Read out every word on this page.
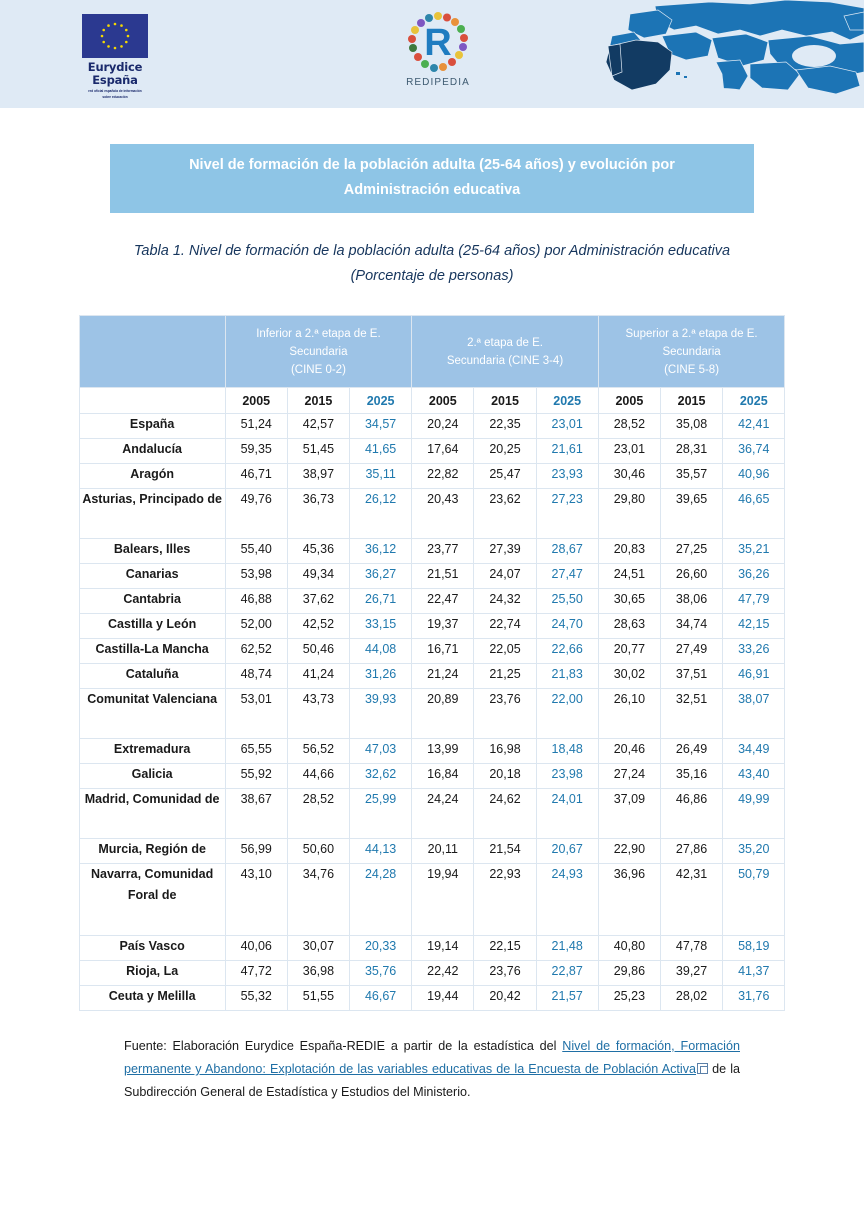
Eurydice
España
red oficial española de información
sobre educación
R
REDIPEDIA
Nivel de formación de la población adulta (25-64 años) y evolución por Administración educativa
Tabla 1. Nivel de formación de la población adulta (25-64 años) por Administración educativa (Porcentaje de personas)

Inferior a 2.ª etapa de E.
Secundaria
(CINE 0-2)

2.ª etapa de E.
Secundaria (CINE 3-4)

Superior a 2.ª etapa de E.
Secundaria
(CINE 5-8)

	2005	2015	2025	2005	2015	2025	2005	2015	2025
España	51,24	42,57	34,57	20,24	22,35	23,01	28,52	35,08	42,41
Andalucía	59,35	51,45	41,65	17,64	20,25	21,61	23,01	28,31	36,74
Aragón	46,71	38,97	35,11	22,82	25,47	23,93	30,46	35,57	40,96
Asturias, Principado de	49,76	36,73	26,12	20,43	23,62	27,23	29,80	39,65	46,65
Balears, Illes	55,40	45,36	36,12	23,77	27,39	28,67	20,83	27,25	35,21
Canarias	53,98	49,34	36,27	21,51	24,07	27,47	24,51	26,60	36,26
Cantabria	46,88	37,62	26,71	22,47	24,32	25,50	30,65	38,06	47,79
Castilla y León	52,00	42,52	33,15	19,37	22,74	24,70	28,63	34,74	42,15
Castilla-La Mancha	62,52	50,46	44,08	16,71	22,05	22,66	20,77	27,49	33,26
Cataluña	48,74	41,24	31,26	21,24	21,25	21,83	30,02	37,51	46,91
Comunitat Valenciana	53,01	43,73	39,93	20,89	23,76	22,00	26,10	32,51	38,07
Extremadura	65,55	56,52	47,03	13,99	16,98	18,48	20,46	26,49	34,49
Galicia	55,92	44,66	32,62	16,84	20,18	23,98	27,24	35,16	43,40
Madrid, Comunidad de	38,67	28,52	25,99	24,24	24,62	24,01	37,09	46,86	49,99
Murcia, Región de	56,99	50,60	44,13	20,11	21,54	20,67	22,90	27,86	35,20
Navarra, Comunidad Foral de	43,10	34,76	24,28	19,94	22,93	24,93	36,96	42,31	50,79
País Vasco	40,06	30,07	20,33	19,14	22,15	21,48	40,80	47,78	58,19
Rioja, La	47,72	36,98	35,76	22,42	23,76	22,87	29,86	39,27	41,37
Ceuta y Melilla	55,32	51,55	46,67	19,44	20,42	21,57	25,23	28,02	31,76
Fuente: Elaboración Eurydice España-REDIE a partir de la estadística del Nivel de formación, Formación permanente y Abandono: Explotación de las variables educativas de la Encuesta de Población Activa de la Subdirección General de Estadística y Estudios del Ministerio.
